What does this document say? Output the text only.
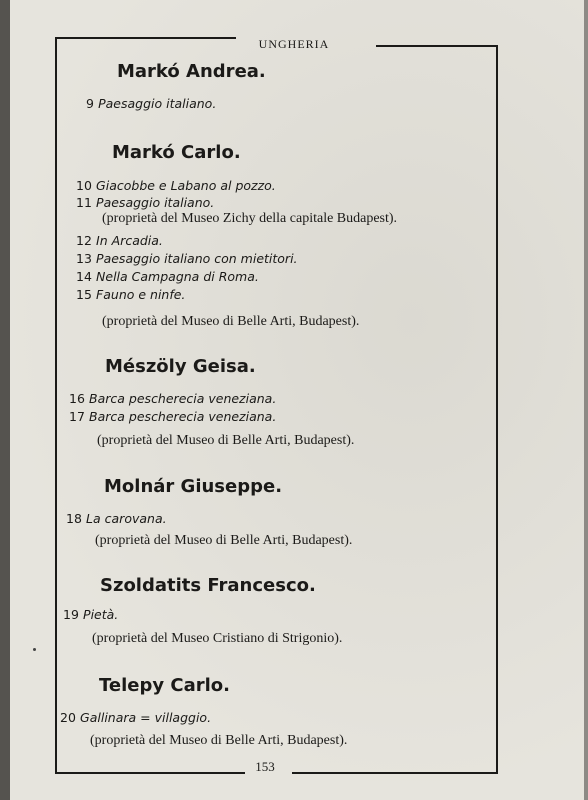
UNGHERIA
153
Markó Andrea.
9 Paesaggio italiano.
Markó Carlo.
10 Giacobbe e Labano al pozzo.
11 Paesaggio italiano.
(proprietà del Museo Zichy della capitale Budapest).
12 In Arcadia.
13 Paesaggio italiano con mietitori.
14 Nella Campagna di Roma.
15 Fauno e ninfe.
(proprietà del Museo di Belle Arti, Budapest).
Mészöly Geisa.
16 Barca pescherecia veneziana.
17 Barca pescherecia veneziana.
(proprietà del Museo di Belle Arti, Budapest).
Molnár Giuseppe.
18 La carovana.
(proprietà del Museo di Belle Arti, Budapest).
Szoldatits Francesco.
19 Pietà.
(proprietà del Museo Cristiano di Strigonio).
Telepy Carlo.
20 Gallinara = villaggio.
(proprietà del Museo di Belle Arti, Budapest).
